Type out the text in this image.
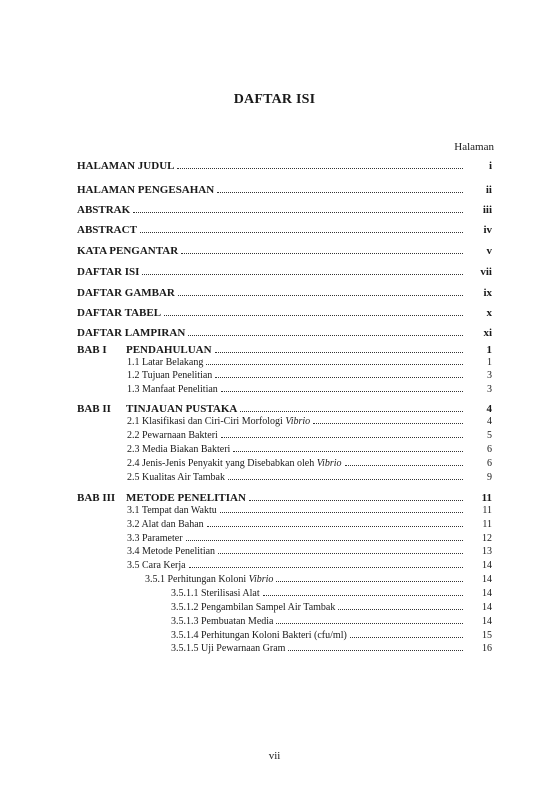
DAFTAR ISI
Halaman
HALAMAN JUDUL	i
HALAMAN PENGESAHAN	ii
ABSTRAK	iii
ABSTRACT	iv
KATA PENGANTAR	v
DAFTAR ISI	vii
DAFTAR GAMBAR	ix
DAFTAR TABEL	x
DAFTAR LAMPIRAN	xi
BAB I PENDAHULUAN	1
1.1 Latar Belakang	1
1.2 Tujuan Penelitian	3
1.3 Manfaat Penelitian	3
BAB II TINJAUAN PUSTAKA	4
2.1 Klasifikasi dan Ciri-Ciri Morfologi Vibrio	4
2.2 Pewarnaan Bakteri	5
2.3 Media Biakan Bakteri	6
2.4 Jenis-Jenis Penyakit yang Disebabkan oleh Vibrio	6
2.5 Kualitas Air Tambak	9
BAB III METODE PENELITIAN	11
3.1 Tempat dan Waktu	11
3.2 Alat dan Bahan	11
3.3 Parameter	12
3.4 Metode Penelitian	13
3.5 Cara Kerja	14
3.5.1 Perhitungan Koloni Vibrio	14
3.5.1.1 Sterilisasi Alat	14
3.5.1.2 Pengambilan Sampel Air Tambak	14
3.5.1.3 Pembuatan Media	14
3.5.1.4 Perhitungan Koloni Bakteri (cfu/ml)	15
3.5.1.5 Uji Pewarnaan Gram	16
vii
